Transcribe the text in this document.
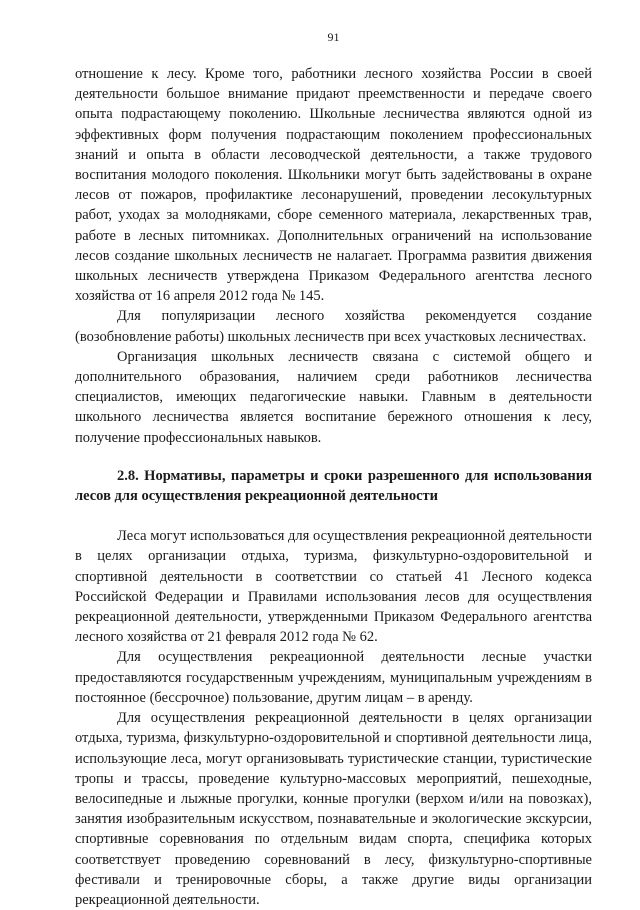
91

отношение к лесу. Кроме того, работники лесного хозяйства России в своей деятельности большое внимание придают преемственности и передаче своего опыта подрастающему поколению. Школьные лесничества являются одной из эффективных форм получения подрастающим поколением профессиональных знаний и опыта в области лесоводческой деятельности, а также трудового воспитания молодого поколения. Школьники могут быть задействованы в охране лесов от пожаров, профилактике лесонарушений, проведении лесокультурных работ, уходах за молодняками, сборе семенного материала, лекарственных трав, работе в лесных питомниках. Дополнительных ограничений на использование лесов создание школьных лесничеств не налагает. Программа развития движения школьных лесничеств утверждена Приказом Федерального агентства лесного хозяйства от 16 апреля 2012 года № 145.

Для популяризации лесного хозяйства рекомендуется создание (возобновление работы) школьных лесничеств при всех участковых лесничествах.

Организация школьных лесничеств связана с системой общего и дополнительного образования, наличием среди работников лесничества специалистов, имеющих педагогические навыки. Главным в деятельности школьного лесничества является воспитание бережного отношения к лесу, получение профессиональных навыков.

2.8. Нормативы, параметры и сроки разрешенного для использования лесов для осуществления рекреационной деятельности

Леса могут использоваться для осуществления рекреационной деятельности в целях организации отдыха, туризма, физкультурно-оздоровительной и спортивной деятельности в соответствии со статьей 41 Лесного кодекса Российской Федерации и Правилами использования лесов для осуществления рекреационной деятельности, утвержденными Приказом Федерального агентства лесного хозяйства от 21 февраля 2012 года № 62.

Для осуществления рекреационной деятельности лесные участки предоставляются государственным учреждениям, муниципальным учреждениям в постоянное (бессрочное) пользование, другим лицам – в аренду.

Для осуществления рекреационной деятельности в целях организации отдыха, туризма, физкультурно-оздоровительной и спортивной деятельности лица, использующие леса, могут организовывать туристические станции, туристические тропы и трассы, проведение культурно-массовых мероприятий, пешеходные, велосипедные и лыжные прогулки, конные прогулки (верхом и/или на повозках), занятия изобразительным искусством, познавательные и экологические экскурсии, спортивные соревнования по отдельным видам спорта, специфика которых соответствует проведению соревнований в лесу, физкультурно-спортивные фестивали и тренировочные сборы, а также другие виды организации рекреационной деятельности.
